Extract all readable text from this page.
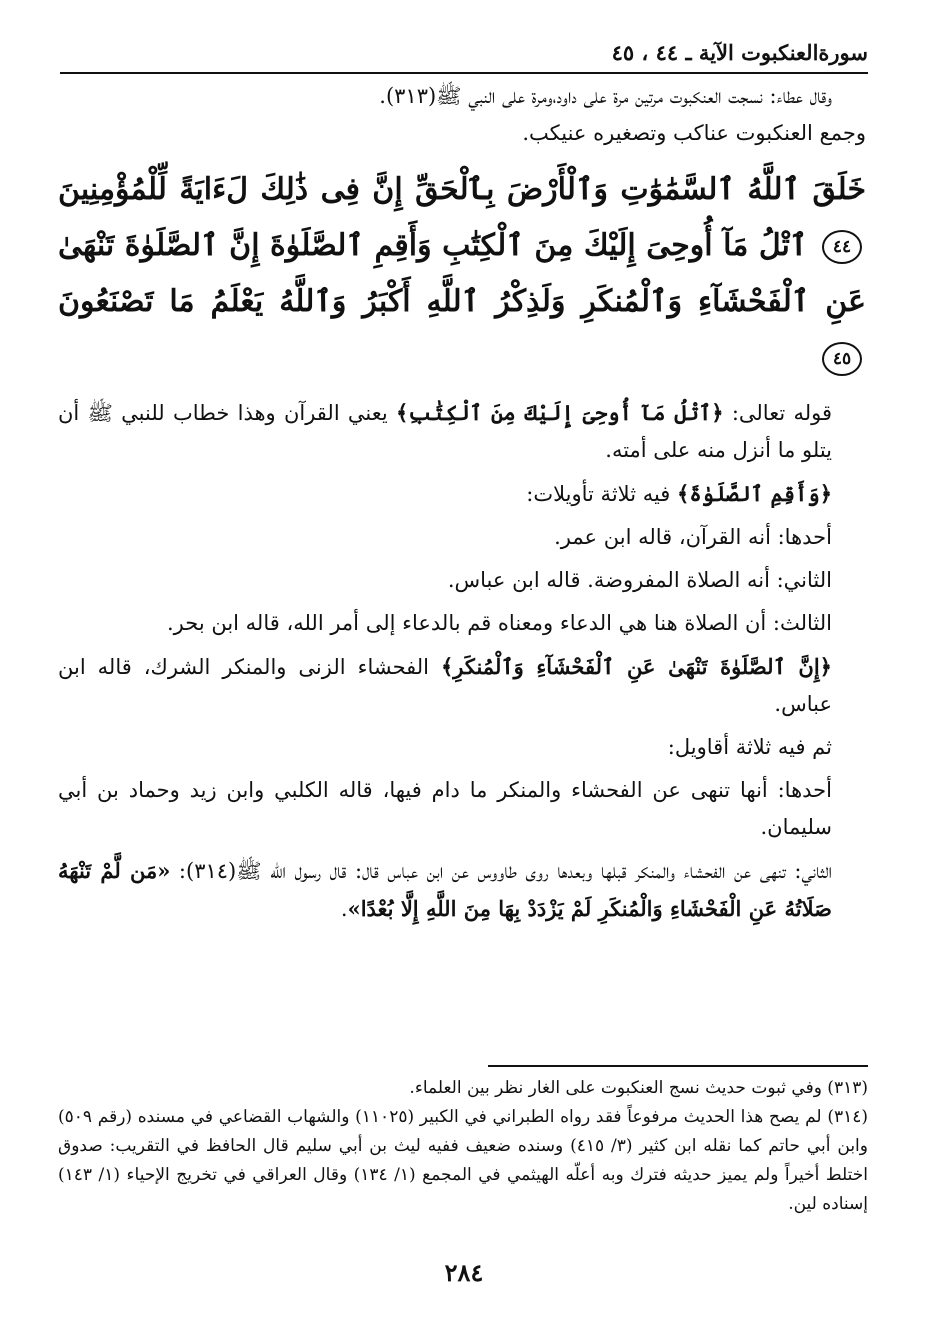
سورةالعنكبوت الآية ـ ٤٤ ، ٤٥

وقال عطاء: نسجت العنكبوت مرتين مرة على داود،ومرة على النبي ﷺ(٣١٣).

وجمع العنكبوت عناكب وتصغيره عنيكب.

خَلَقَ ٱللَّهُ ٱلسَّمَٰوَٰتِ وَٱلْأَرْضَ بِٱلْحَقِّ إِنَّ فِى ذَٰلِكَ لَءَايَةً لِّلْمُؤْمِنِينَ ٤٤ ٱتْلُ مَآ أُوحِىَ إِلَيْكَ مِنَ ٱلْكِتَٰبِ وَأَقِمِ ٱلصَّلَوٰةَ إِنَّ ٱلصَّلَوٰةَ تَنْهَىٰ عَنِ ٱلْفَحْشَآءِ وَٱلْمُنكَرِ وَلَذِكْرُ ٱللَّهِ أَكْبَرُ وَٱللَّهُ يَعْلَمُ مَا تَصْنَعُونَ ٤٥

قوله تعالى: ﴿ٱتْلُ مَآ أُوحِىَ إِلَيْكَ مِنَ ٱلْكِتَٰبِ﴾ يعني القرآن وهذا خطاب للنبي ﷺ أن يتلو ما أنزل منه على أمته.

﴿وَأَقِمِ ٱلصَّلَوٰةَ﴾ فيه ثلاثة تأويلات:

أحدها: أنه القرآن، قاله ابن عمر.

الثاني: أنه الصلاة المفروضة. قاله ابن عباس.

الثالث: أن الصلاة هنا هي الدعاء ومعناه قم بالدعاء إلى أمر الله، قاله ابن بحر.

﴿إِنَّ ٱلصَّلَوٰةَ تَنْهَىٰ عَنِ ٱلْفَحْشَآءِ وَٱلْمُنكَرِ﴾ الفحشاء الزنى والمنكر الشرك، قاله ابن عباس.

ثم فيه ثلاثة أقاويل:

أحدها: أنها تنهى عن الفحشاء والمنكر ما دام فيها، قاله الكلبي وابن زيد وحماد بن أبي سليمان.

الثاني: تنهى عن الفحشاء والمنكر قبلها وبعدها روى طاووس عن ابن عباس قال: قال رسول الله ﷺ(٣١٤): «مَن لَّمْ تَنْهَهُ صَلَاتُهُ عَنِ الْفَحْشَاءِ وَالْمُنكَرِ لَمْ يَزْدَدْ بِهَا مِنَ اللَّهِ إِلَّا بُعْدًا».

(٣١٣) وفي ثبوت حديث نسج العنكبوت على الغار نظر بين العلماء.

(٣١٤) لم يصح هذا الحديث مرفوعاً فقد رواه الطبراني في الكبير (١١٠٢٥) والشهاب القضاعي في مسنده (رقم ٥٠٩) وابن أبي حاتم كما نقله ابن كثير (٣/ ٤١٥) وسنده ضعيف ففيه ليث بن أبي سليم قال الحافظ في التقريب: صدوق اختلط أخيراً ولم يميز حديثه فترك وبه أعلّه الهيثمي في المجمع (١/ ١٣٤) وقال العراقي في تخريج الإحياء (١/ ١٤٣) إسناده لين.

٢٨٤
